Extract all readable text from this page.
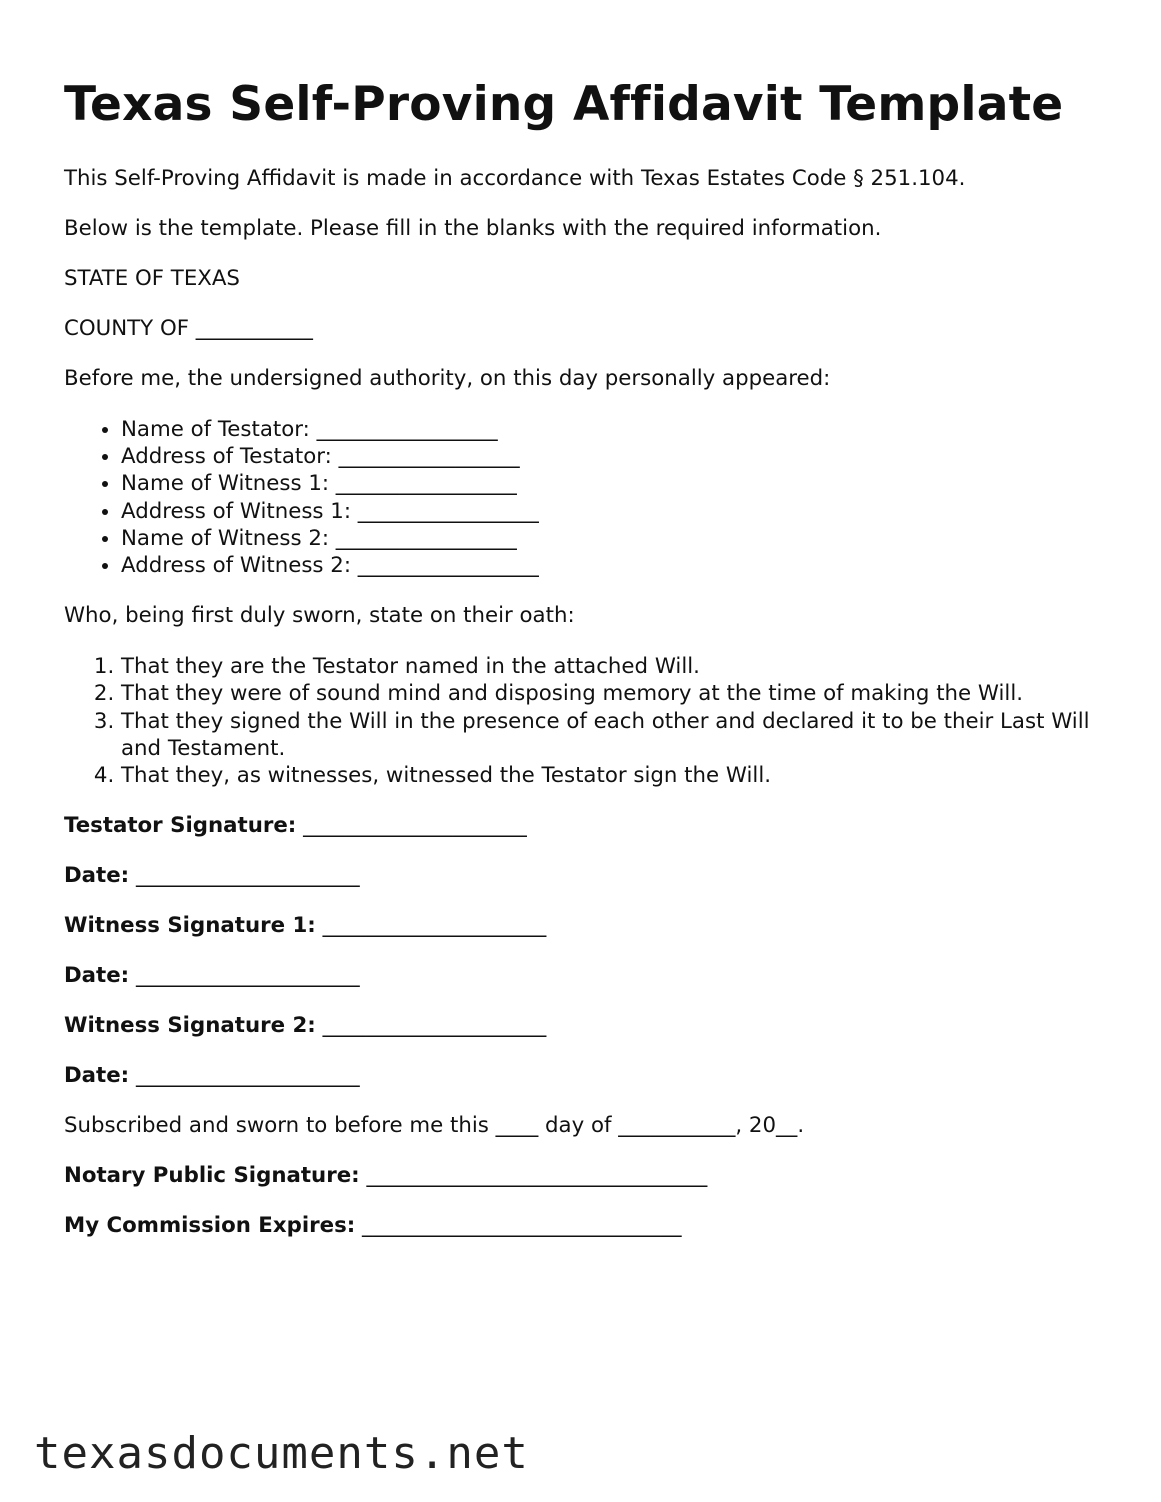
Texas Self-Proving Affidavit Template

This Self-Proving Affidavit is made in accordance with Texas Estates Code § 251.104.

Below is the template. Please fill in the blanks with the required information.

STATE OF TEXAS

COUNTY OF ___________

Before me, the undersigned authority, on this day personally appeared:

• Name of Testator: _________________
• Address of Testator: _________________
• Name of Witness 1: _________________
• Address of Witness 1: _________________
• Name of Witness 2: _________________
• Address of Witness 2: _________________

Who, being first duly sworn, state on their oath:

1. That they are the Testator named in the attached Will.
2. That they were of sound mind and disposing memory at the time of making the Will.
3. That they signed the Will in the presence of each other and declared it to be their Last Will and Testament.
4. That they, as witnesses, witnessed the Testator sign the Will.
Testator Signature: _____________________
Date: _____________________
Witness Signature 1: _____________________
Date: _____________________
Witness Signature 2: _____________________
Date: _____________________

Subscribed and sworn to before me this ____ day of ___________, 20__.

Notary Public Signature: ________________________________
My Commission Expires: ______________________________
texasdocuments.net
